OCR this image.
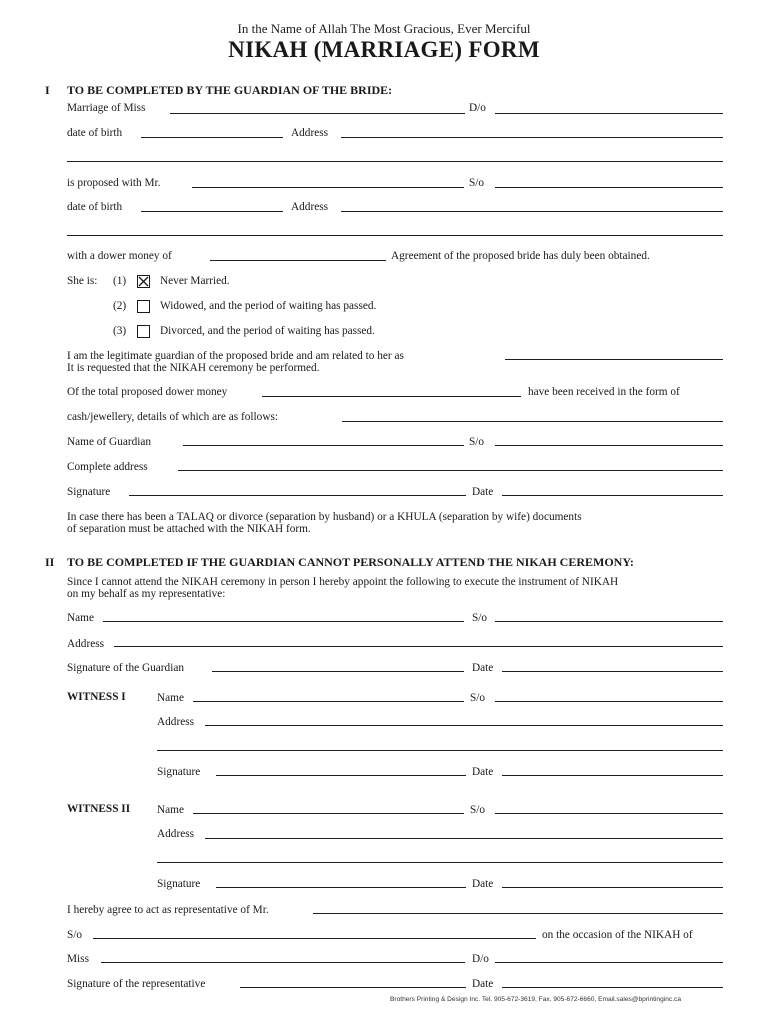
In the Name of Allah The Most Gracious, Ever Merciful
NIKAH (MARRIAGE) FORM
I TO BE COMPLETED BY THE GUARDIAN OF THE BRIDE:
Marriage of Miss	D/o
date of birth	Address
is proposed with Mr.	S/o
date of birth	Address
with a dower money of	Agreement of the proposed bride has duly been obtained.
She is: (1)	Never Married.
(2)	Widowed, and the period of waiting has passed.
(3)	Divorced, and the period of waiting has passed.
I am the legitimate guardian of the proposed bride and am related to her as
It is requested that the NIKAH ceremony be performed.
Of the total proposed dower money	have been received in the form of
cash/jewellery, details of which are as follows:
Name of Guardian	S/o
Complete address
Signature	Date
In case there has been a TALAQ or divorce (separation by husband) or a KHULA (separation by wife) documents
of separation must be attached with the NIKAH form.
II TO BE COMPLETED IF THE GUARDIAN CANNOT PERSONALLY ATTEND THE NIKAH CEREMONY:
Since I cannot attend the NIKAH ceremony in person I hereby appoint the following to execute the instrument of NIKAH
on my behalf as my representative:
Name	S/o
Address
Signature of the Guardian	Date
WITNESS I	Name	S/o
Address
Signature	Date
WITNESS II Name	S/o
Address
Signature	Date
I hereby agree to act as representative of Mr.
S/o	on the occasion of the NIKAH of
Miss	D/o
Signature of the representative	Date
Brothers Printing & Design Inc. Tel. 905-672-3619, Fax. 905-672-6660, Email.sales@bprintinginc.ca
